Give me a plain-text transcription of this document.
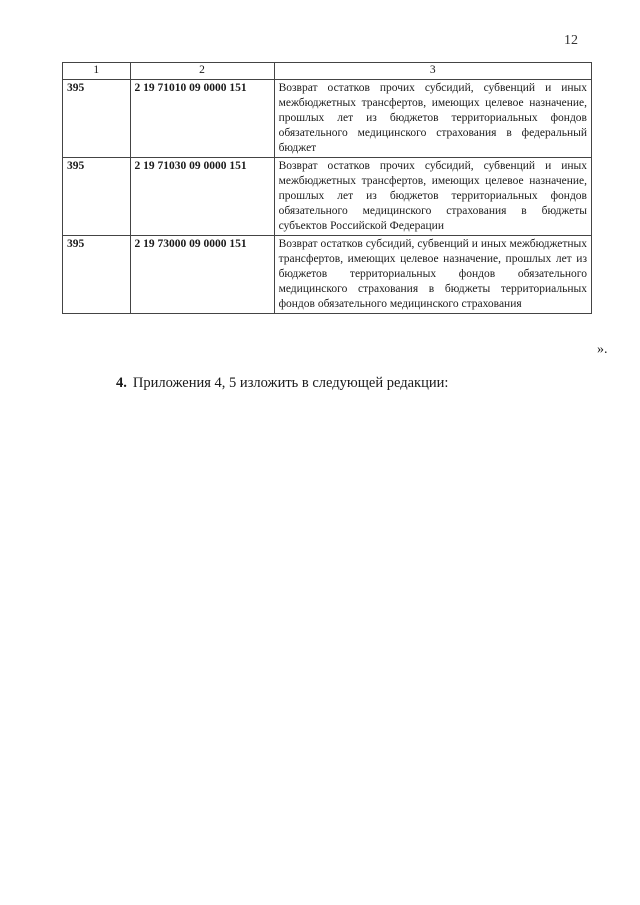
12
1	2	3
395	2 19 71010 09 0000 151	Возврат остатков прочих субсидий, субвенций и иных межбюджетных трансфертов, имеющих целевое назначение, прошлых лет из бюджетов территориальных фондов обязательного медицинского страхования в федеральный бюджет
395	2 19 71030 09 0000 151	Возврат остатков прочих субсидий, субвенций и иных межбюджетных трансфертов, имеющих целевое назначение, прошлых лет из бюджетов территориальных фондов обязательного медицинского страхования в бюджеты субъектов Российской Федерации
395	2 19 73000 09 0000 151	Возврат остатков субсидий, субвенций и иных межбюджетных трансфертов, имеющих целевое назначение, прошлых лет из бюджетов территориальных фондов обязательного медицинского страхования в бюджеты территориальных фондов обязательного медицинского страхования
».
4. Приложения 4, 5 изложить в следующей редакции:
